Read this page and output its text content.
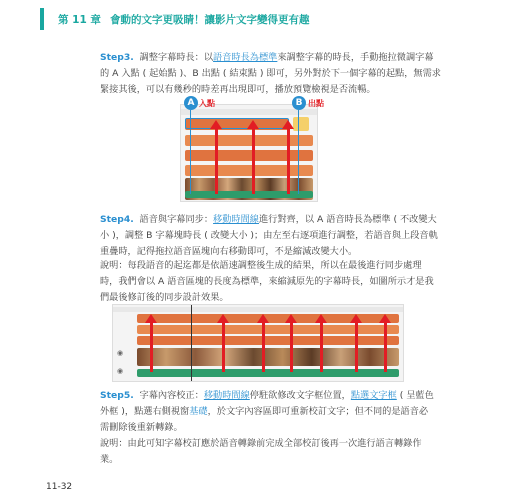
第 11 章 會動的文字更吸睛！讓影片文字變得更有趣
Step3. 調整字幕時長：以語音時長為標準來調整字幕的時長，手動拖拉微調字幕
的 A 入點 ( 起始點 )、B 出點 ( 結束點 ) 即可，另外對於下一個字幕的起點，無需求
緊接其後，可以有幾秒的時差再出現即可，播放預覽檢視是否流暢。
A 入點	B 出點
Step4. 語音與字幕同步：移動時間線進行對齊，以 A 語音時長為標準 ( 不改變大
小 )，調整 B 字幕塊時長 ( 改變大小 )；由左至右逐項進行調整，若語音與上段音軌
重疊時，記得拖拉語音區塊向右移動即可，不是縮減改變大小。
說明：每段語音的起迄都是依語速調整後生成的結果，所以在最後進行同步處理
時，我們會以 A 語音區塊的長度為標準，來縮減原先的字幕時長，如圖所示才是我
們最後修訂後的同步設計效果。
◉
◉
Step5. 字幕內容校正：移動時間線停駐欲修改文字框位置，點選文字框 ( 呈藍色
外框 )，點選右側視窗基礎，於文字內容區即可重新校訂文字；但不同的是語音必
需刪除後重新轉錄。
說明：由此可知字幕校訂應於語音轉錄前完成全部校訂後再一次進行語言轉錄作
業。
11-32
